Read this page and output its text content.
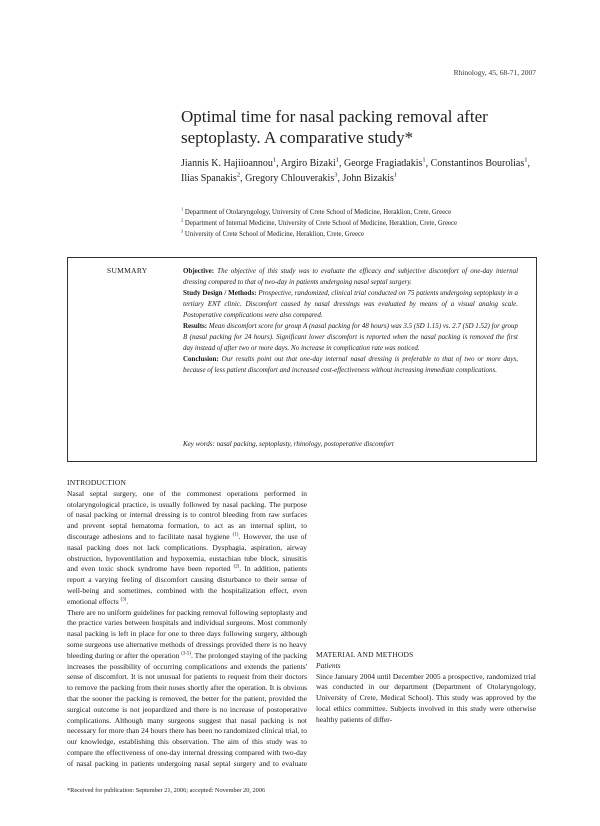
Rhinology, 45, 68-71, 2007
Optimal time for nasal packing removal after septoplasty. A comparative study*
Jiannis K. Hajiioannou$^1$, Argiro Bizaki$^1$, George Fragiadakis$^1$, Constantinos Bourolias$^1$, Ilias Spanakis$^2$, Gregory Chlouverakis$^3$, John Bizakis$^1$
$^1$ Department of Otolaryngology, University of Crete School of Medicine, Heraklion, Crete, Greece
$^2$ Department of Internal Medicine, University of Crete School of Medicine, Heraklion, Crete, Greece
$^3$ University of Crete School of Medicine, Heraklion, Crete, Greece
SUMMARY	Objective: The objective of this study was to evaluate the efficacy and subjective discomfort of one-day internal dressing compared to that of two-day in patients undergoing nasal septal surgery.

Study Design / Methods: Prospective, randomized, clinical trial conducted on 75 patients undergoing septoplasty in a tertiary ENT clinic. Discomfort caused by nasal dressings was evaluated by means of a visual analog scale. Postoperative complications were also compared.

Results: Mean discomfort score for group A (nasal packing for 48 hours) was 3.5 (SD 1.15) vs. 2.7 (SD 1.52) for group B (nasal packing for 24 hours). Significant lower discomfort is reported when the nasal packing is removed the first day instead of after two or more days. No increase in complication rate was noticed.

Conclusion: Our results point out that one-day internal nasal dressing is preferable to that of two or more days, because of less patient discomfort and increased cost-effectiveness without increasing immediate complications.

Key words: nasal packing, septoplasty, rhinology, postoperative discomfort

INTRODUCTION

Nasal septal surgery, one of the commonest operations performed in otolaryngological practice, is usually followed by nasal packing. The purpose of nasal packing or internal dressing is to control bleeding from raw surfaces and prevent septal hematoma formation, to act as an internal splint, to discourage adhesions and to facilitate nasal hygiene $^{(1)}$. However, the use of nasal packing does not lack complications. Dysphagia, aspiration, airway obstruction, hypoventilation and hypoxemia, eustachian tube block, sinusitis and even toxic shock syndrome have been reported $^{(2)}$. In addition, patients report a varying feeling of discomfort causing disturbance to their sense of well-being and sometimes, combined with the hospitalization effect, even emotional effects $^{(3)}$.

There are no uniform guidelines for packing removal following septoplasty and the practice varies between hospitals and individual surgeons. Most commonly nasal packing is left in place for one to three days following surgery, although some surgeons use alternative methods of dressings provided there is no heavy bleeding during or after the operation $^{(3-5)}$. The prolonged staying of the packing increases the possibility of occurring complications and extends the patients' sense of discomfort. It is not unusual for patients to request from their doctors to remove the packing from their noses shortly after the operation. It is obvious that the sooner the packing is removed, the better for the patient, provided the surgical outcome is not jeopardized and there is no increase of postoperative complications. Although many surgeons suggest that nasal packing is not necessary for more than 24 hours there has been no randomized clinical trial, to our knowledge, establishing this observation. The aim of this study was to compare the effectiveness of one-day internal dressing compared with two-day of nasal packing in patients undergoing nasal septal surgery and to evaluate

MATERIAL AND METHODS

Patients

Since January 2004 until December 2005 a prospective, randomized trial was conducted in our department (Department of Otolaryngology, University of Crete, Medical School). This study was approved by the local ethics committee. Subjects involved in this study were otherwise healthy patients of differ-

*Received for publication: September 21, 2006; accepted: November 20, 2006
